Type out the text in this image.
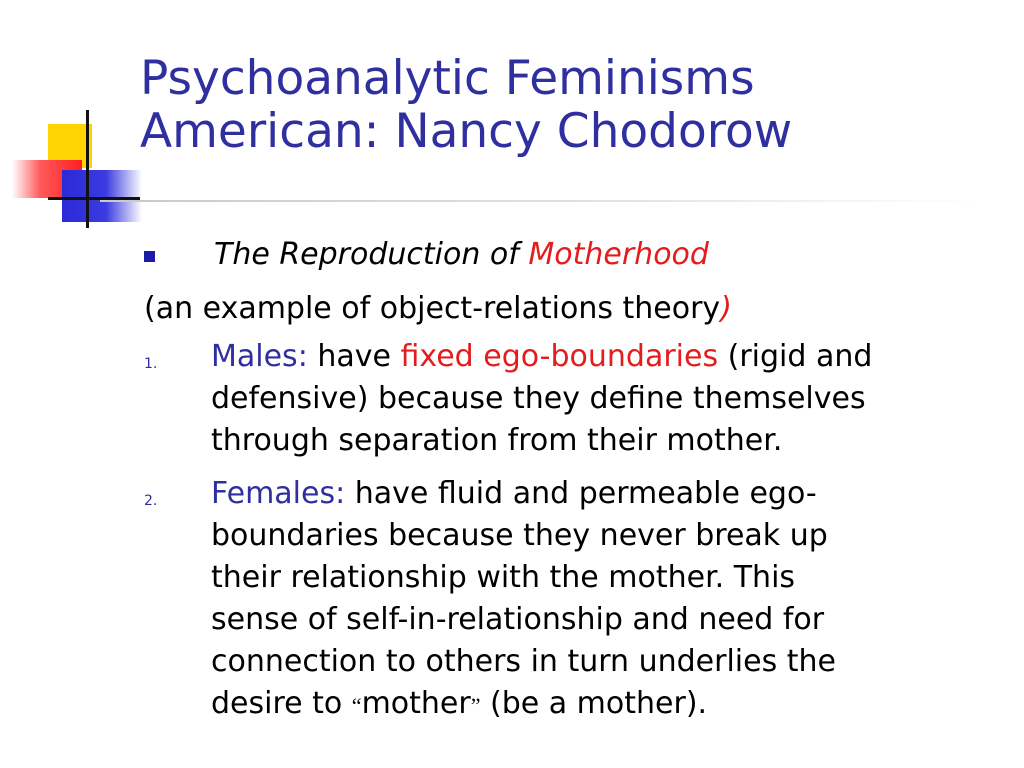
Psychoanalytic Feminisms
American: Nancy Chodorow
The Reproduction of Motherhood
(an example of object-relations theory)
1. Males: have fixed ego-boundaries (rigid and
defensive) because they define themselves
through separation from their mother.
2. Females: have fluid and permeable ego-
boundaries because they never break up
their relationship with the mother. This
sense of self-in-relationship and need for
connection to others in turn underlies the
desire to “mother” (be a mother).
